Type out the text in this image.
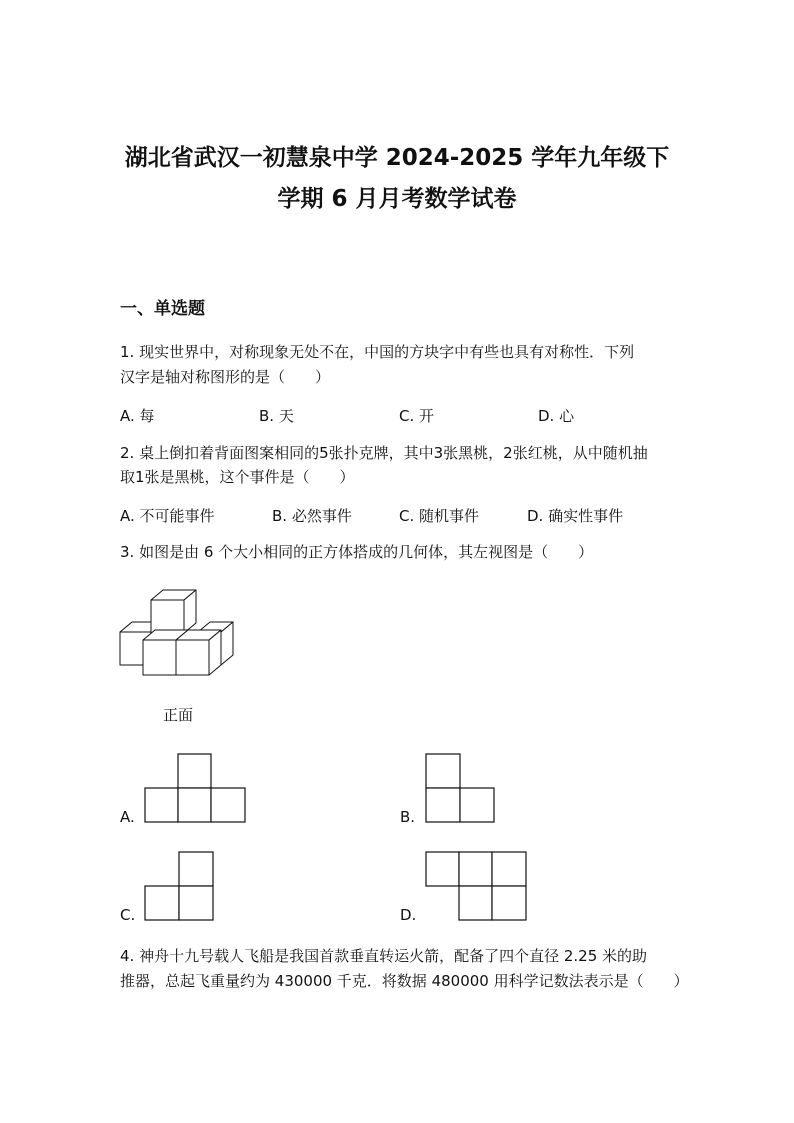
湖北省武汉一初慧泉中学 2024-2025 学年九年级下
学期 6 月月考数学试卷
一、单选题
1. 现实世界中，对称现象无处不在，中国的方块字中有些也具有对称性．下列
汉字是轴对称图形的是（　　）
A. 每	B. 天	C. 开	D. 心
2. 桌上倒扣着背面图案相同的5张扑克牌，其中3张黑桃，2张红桃，从中随机抽
取1张是黑桃，这个事件是（　　）
A. 不可能事件	B. 必然事件	C. 随机事件	D. 确实性事件
3. 如图是由 6 个大小相同的正方体搭成的几何体，其左视图是（　　）
正面
A.	B.
C.	D.
4. 神舟十九号载人飞船是我国首款垂直转运火箭，配备了四个直径 2.25 米的助
推器，总起飞重量约为 430000 千克．将数据 480000 用科学记数法表示是（　　）
